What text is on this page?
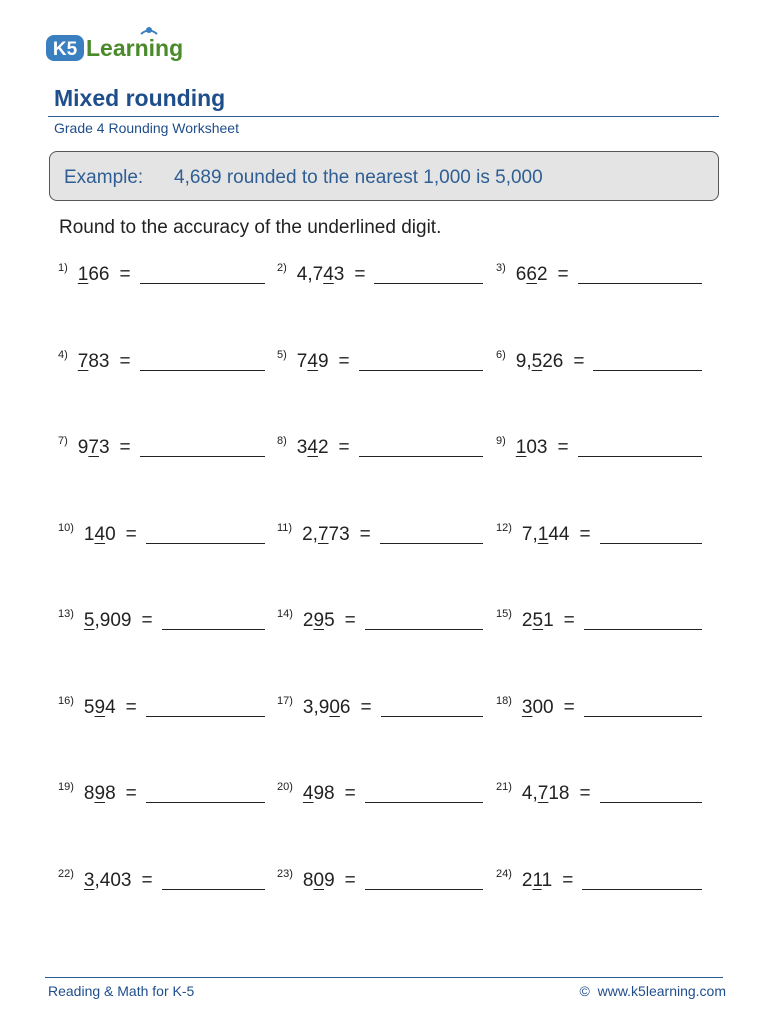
K5 Learning
Mixed rounding
Grade 4 Rounding Worksheet
Example: 4,689 rounded to the nearest 1,000 is 5,000
Round to the accuracy of the underlined digit.
1) 166 =	2) 4,743 =	3) 662 =
4) 783 =	5) 749 =	6) 9,526 =
7) 973 =	8) 342 =	9) 103 =
10) 140 =	11) 2,773 =	12) 7,144 =
13) 5,909 =	14) 295 =	15) 251 =
16) 594 =	17) 3,906 =	18) 300 =
19) 898 =	20) 498 =	21) 4,718 =
22) 3,403 =	23) 809 =	24) 211 =
Reading & Math for K-5	© www.k5learning.com
